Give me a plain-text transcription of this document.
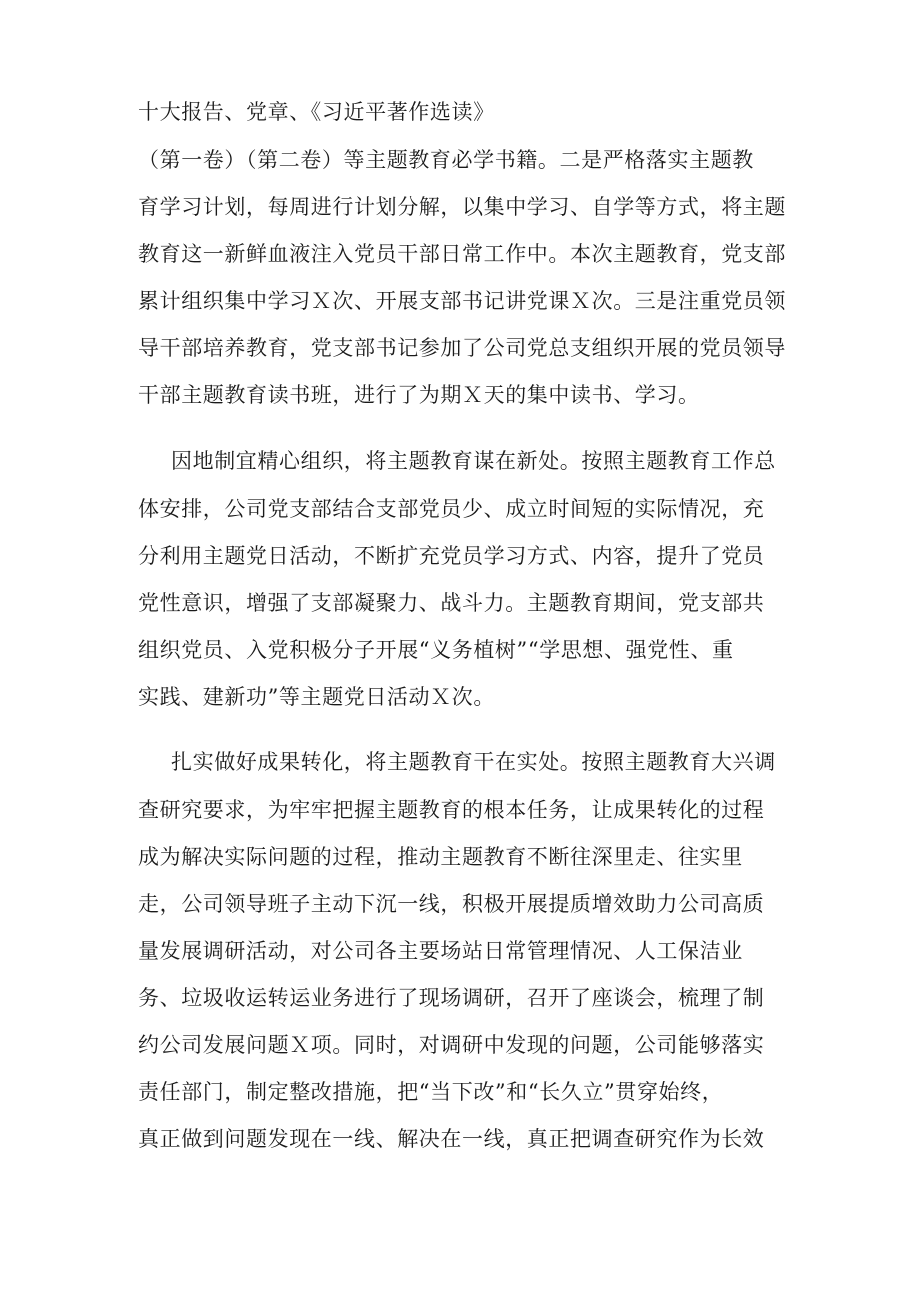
十大报告、党章、《习近平著作选读》
（第一卷）（第二卷）等主题教育必学书籍。二是严格落实主题教
育学习计划，每周进行计划分解，以集中学习、自学等方式，将主题
教育这一新鲜血液注入党员干部日常工作中。本次主题教育，党支部
累计组织集中学习Ｘ次、开展支部书记讲党课Ｘ次。三是注重党员领
导干部培养教育，党支部书记参加了公司党总支组织开展的党员领导
干部主题教育读书班，进行了为期Ｘ天的集中读书、学习。
因地制宜精心组织，将主题教育谋在新处。按照主题教育工作总
体安排，公司党支部结合支部党员少、成立时间短的实际情况，充
分利用主题党日活动，不断扩充党员学习方式、内容，提升了党员
党性意识，增强了支部凝聚力、战斗力。主题教育期间，党支部共
组织党员、入党积极分子开展“义务植树”“学思想、强党性、重
实践、建新功”等主题党日活动Ｘ次。
扎实做好成果转化，将主题教育干在实处。按照主题教育大兴调
查研究要求，为牢牢把握主题教育的根本任务，让成果转化的过程
成为解决实际问题的过程，推动主题教育不断往深里走、往实里
走，公司领导班子主动下沉一线，积极开展提质增效助力公司高质
量发展调研活动，对公司各主要场站日常管理情况、人工保洁业
务、垃圾收运转运业务进行了现场调研，召开了座谈会，梳理了制
约公司发展问题Ｘ项。同时，对调研中发现的问题，公司能够落实
责任部门，制定整改措施，把“当下改”和“长久立”贯穿始终，
真正做到问题发现在一线、解决在一线，真正把调查研究作为长效
